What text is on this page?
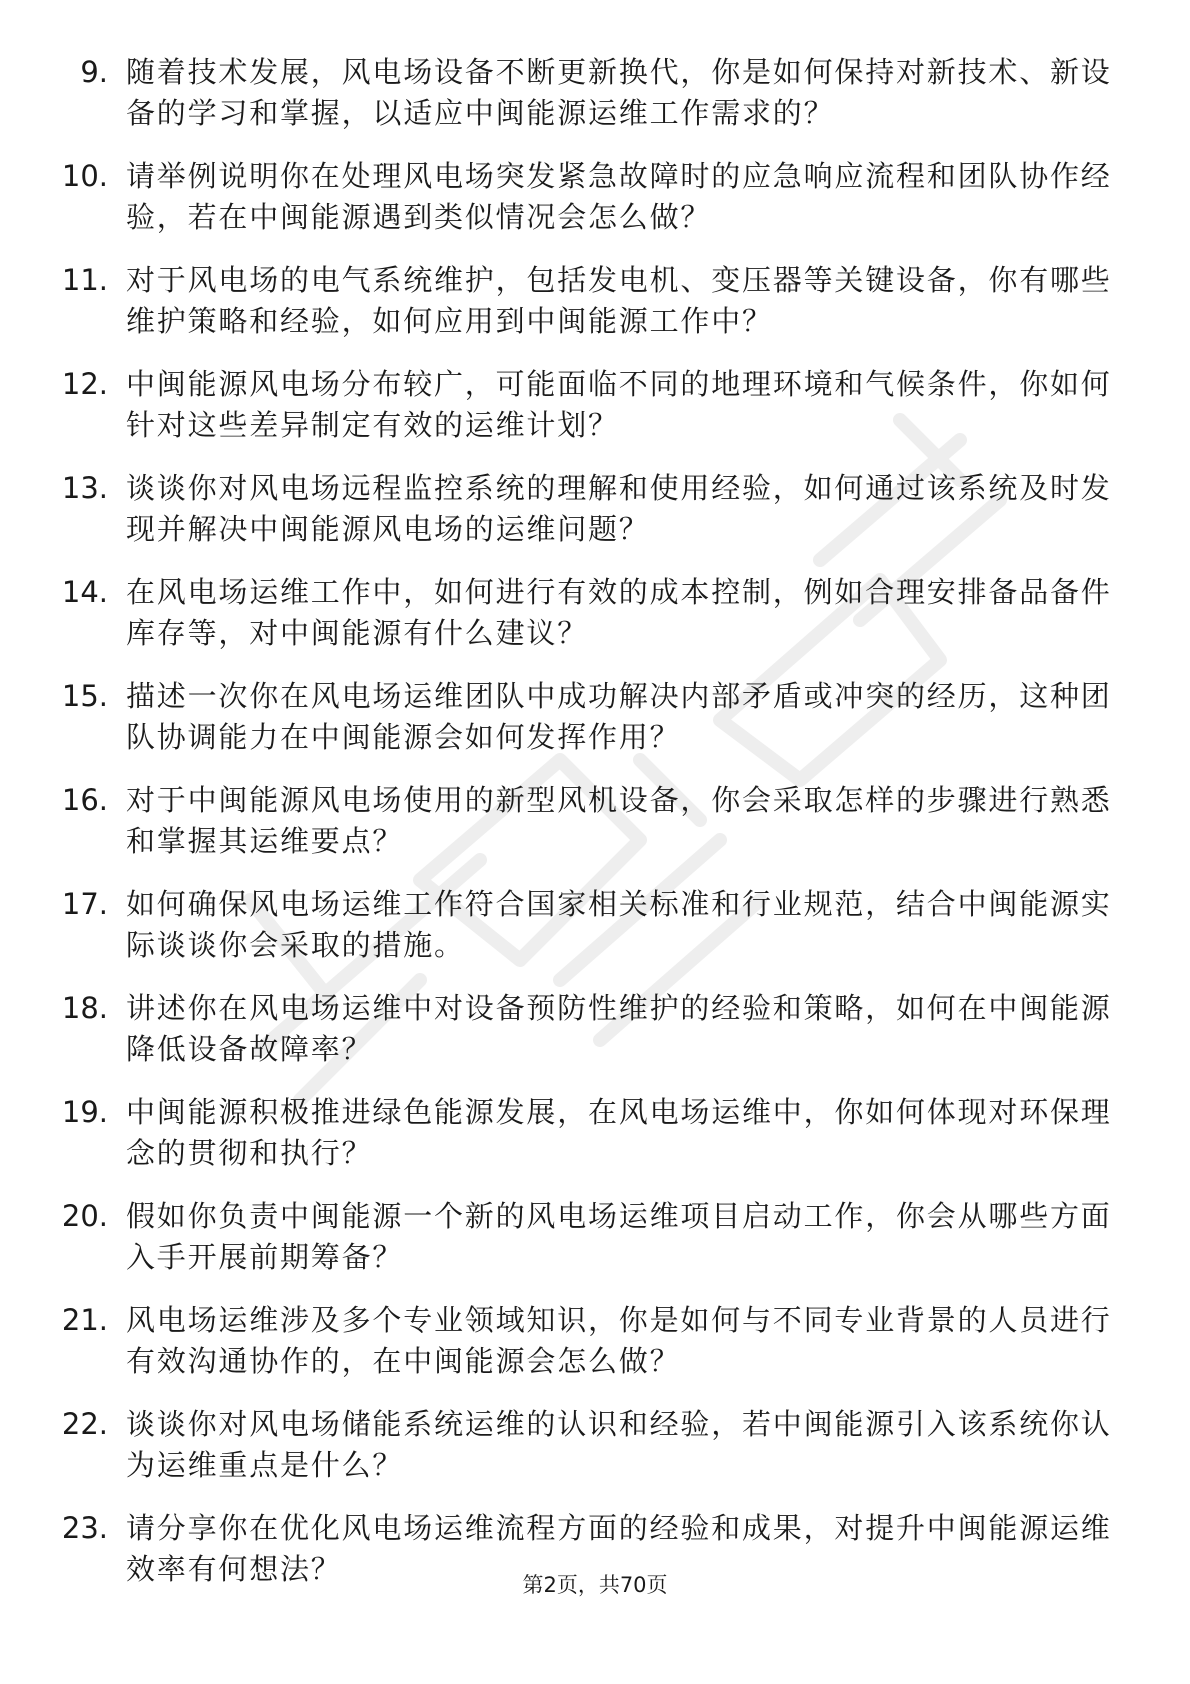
9. 随着技术发展，风电场设备不断更新换代，你是如何保持对新技术、新设备的学习和掌握，以适应中闽能源运维工作需求的？
10. 请举例说明你在处理风电场突发紧急故障时的应急响应流程和团队协作经验，若在中闽能源遇到类似情况会怎么做？
11. 对于风电场的电气系统维护，包括发电机、变压器等关键设备，你有哪些维护策略和经验，如何应用到中闽能源工作中？
12. 中闽能源风电场分布较广，可能面临不同的地理环境和气候条件，你如何针对这些差异制定有效的运维计划？
13. 谈谈你对风电场远程监控系统的理解和使用经验，如何通过该系统及时发现并解决中闽能源风电场的运维问题？
14. 在风电场运维工作中，如何进行有效的成本控制，例如合理安排备品备件库存等，对中闽能源有什么建议？
15. 描述一次你在风电场运维团队中成功解决内部矛盾或冲突的经历，这种团队协调能力在中闽能源会如何发挥作用？
16. 对于中闽能源风电场使用的新型风机设备，你会采取怎样的步骤进行熟悉和掌握其运维要点？
17. 如何确保风电场运维工作符合国家相关标准和行业规范，结合中闽能源实际谈谈你会采取的措施。
18. 讲述你在风电场运维中对设备预防性维护的经验和策略，如何在中闽能源降低设备故障率？
19. 中闽能源积极推进绿色能源发展，在风电场运维中，你如何体现对环保理念的贯彻和执行？
20. 假如你负责中闽能源一个新的风电场运维项目启动工作，你会从哪些方面入手开展前期筹备？
21. 风电场运维涉及多个专业领域知识，你是如何与不同专业背景的人员进行有效沟通协作的，在中闽能源会怎么做？
22. 谈谈你对风电场储能系统运维的认识和经验，若中闽能源引入该系统你认为运维重点是什么？
23. 请分享你在优化风电场运维流程方面的经验和成果，对提升中闽能源运维效率有何想法？	第2页，共70页
